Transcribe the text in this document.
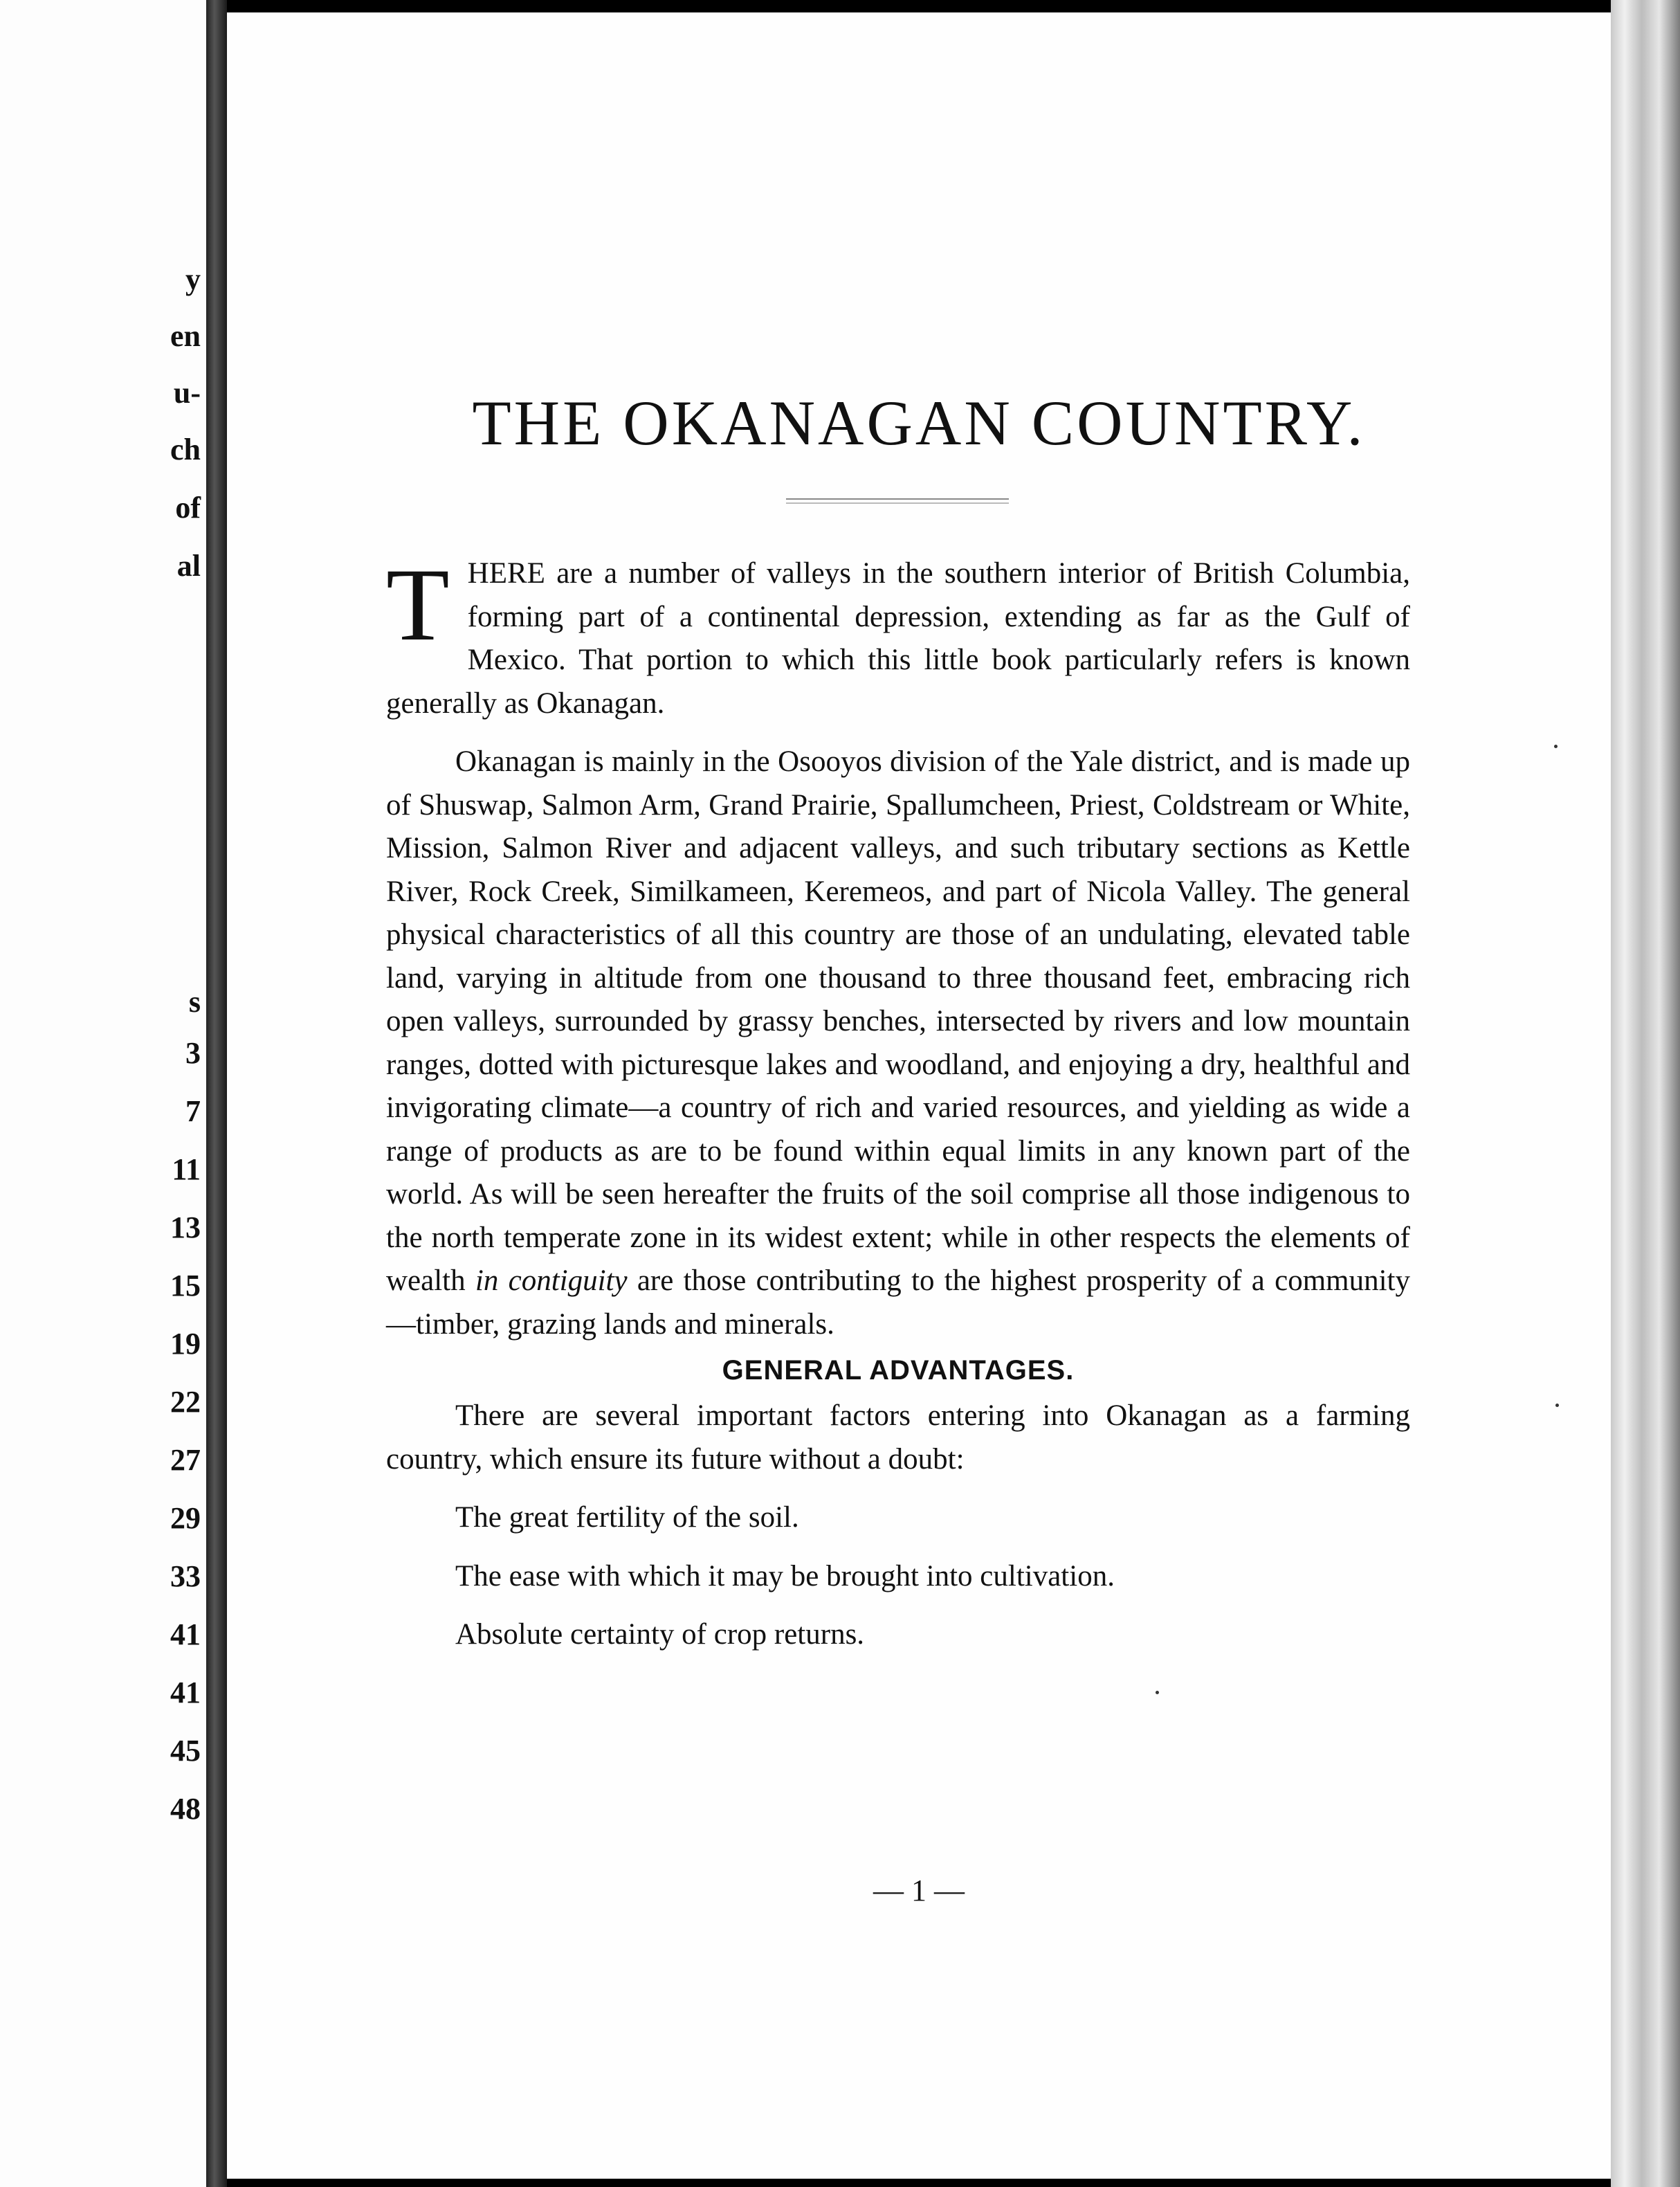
y
en
u-
ch
of
al
s
3
7
11
13
15
19
22
27
29
33
41
41
45
48
THE OKANAGAN COUNTRY.

THERE are a number of valleys in the southern interior of British Columbia, forming part of a continental depression, extending as far as the Gulf of Mexico. That portion to which this little book particularly refers is known generally as Okanagan.

Okanagan is mainly in the Osooyos division of the Yale district, and is made up of Shuswap, Salmon Arm, Grand Prairie, Spallumcheen, Priest, Coldstream or White, Mission, Salmon River and adjacent valleys, and such tributary sections as Kettle River, Rock Creek, Similkameen, Keremeos, and part of Nicola Valley. The general physical characteristics of all this country are those of an undulating, elevated table land, varying in altitude from one thousand to three thousand feet, embracing rich open valleys, surrounded by grassy benches, intersected by rivers and low mountain ranges, dotted with picturesque lakes and woodland, and enjoying a dry, healthful and invigorating climate—a country of rich and varied resources, and yielding as wide a range of products as are to be found within equal limits in any known part of the world. As will be seen hereafter the fruits of the soil comprise all those indigenous to the north temperate zone in its widest extent; while in other respects the elements of wealth in contiguity are those contributing to the highest prosperity of a community—timber, grazing lands and minerals.

GENERAL ADVANTAGES.

There are several important factors entering into Okanagan as a farming country, which ensure its future without a doubt:

The great fertility of the soil.

The ease with which it may be brought into cultivation.

Absolute certainty of crop returns.

— 1 —
